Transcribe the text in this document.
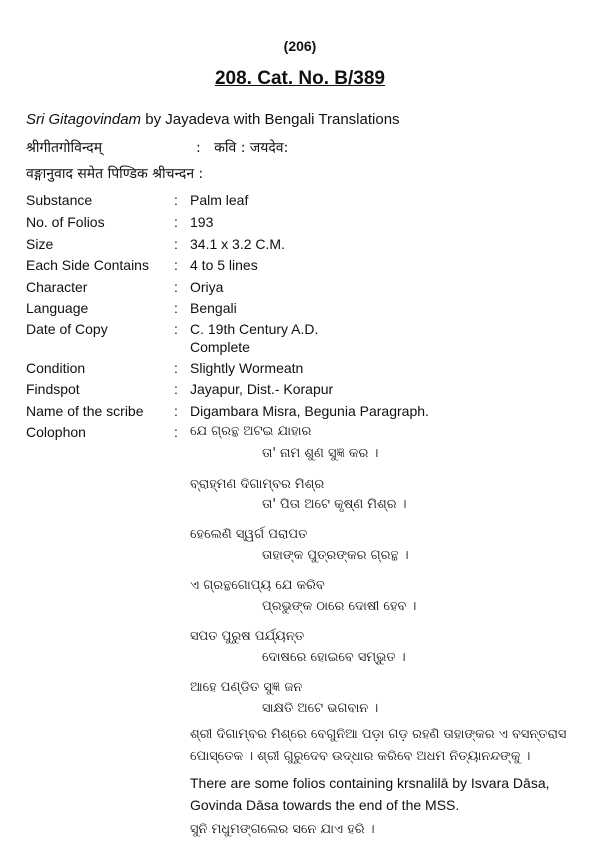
(206)
208. Cat. No. B/389
Sri Gitagovindam by Jayadeva with Bengali Translations
श्रीगीतगोविन्दम्	: कवि : जयदेव:
वङ्गानुवाद समेत पिण्डिक श्रीचन्दन :
Substance	: Palm leaf
No. of Folios	: 193
Size	: 34.1 x 3.2 C.M.
Each Side Contains : 4 to 5 lines
Character	: Oriya
Language	: Bengali
Date of Copy	: C. 19th Century A.D.
Complete
Condition	: Slightly Wormeatn
Findspot	: Jayapur, Dist.- Korapur
Name of the scribe : Digambara Misra, Begunia Paragraph.
Colophon	: ଯେ ଗ୍ରନ୍ଥ ଅଟଇ ଯାହାର
ତା' ନାମ ଶୁଣ ସୁଜ୍ଞ କର ।
ବ୍ରାହ୍ମଣ ଦିଗାମ୍ବର ମିଶ୍ର
ତା' ପିତା ଅଟେ କୃଷ୍ଣ ମିଶ୍ର ।
ହେଲେଣି ସ୍ୱର୍ଗ ପରାପତ
ତାହାଙ୍କ ପୁତ୍ରଙ୍କର ଗ୍ରନ୍ଥ ।
ଏ ଗ୍ରନ୍ଥଗୋପ୍ୟ ଯେ କରିବ
ପ୍ରଭୁଙ୍କ ଠାରେ ଦୋଷୀ ହେବ ।
ସପତ ପୁରୁଷ ପର୍ଯ୍ୟନ୍ତ
ଦୋଷରେ ହୋଇବେ ସମ୍ଭୁତ ।
ଆହେ ପଣ୍ଡିତ ସୁଜ୍ଞ ଜନ
ସାକ୍ଷତି ଅଟେ ଭଗବାନ ।
ଶ୍ରୀ ଦିଗାମ୍ବର ମିଶ୍ରେ ବେଗୁନିଆ ପଡ଼ା ଗଡ଼ ରହଣି ତାହାଙ୍କର ଏ ବସନ୍ତରାସ ପୋସ୍ତେକ । ଶ୍ରୀ ଗୁରୁଦେବ ଉଦ୍ଧାର କରିବେ ଅଧମ ନିତ୍ୟାନନ୍ଦଙ୍କୁ ।
There are some folios containing krsnalilā by Isvara Dāsa, Govinda Dāsa towards the end of the MSS.
ସୁନି ମଧୁମଙ୍ଗଲେର ସନେ ଯାଏ ହରି ।
